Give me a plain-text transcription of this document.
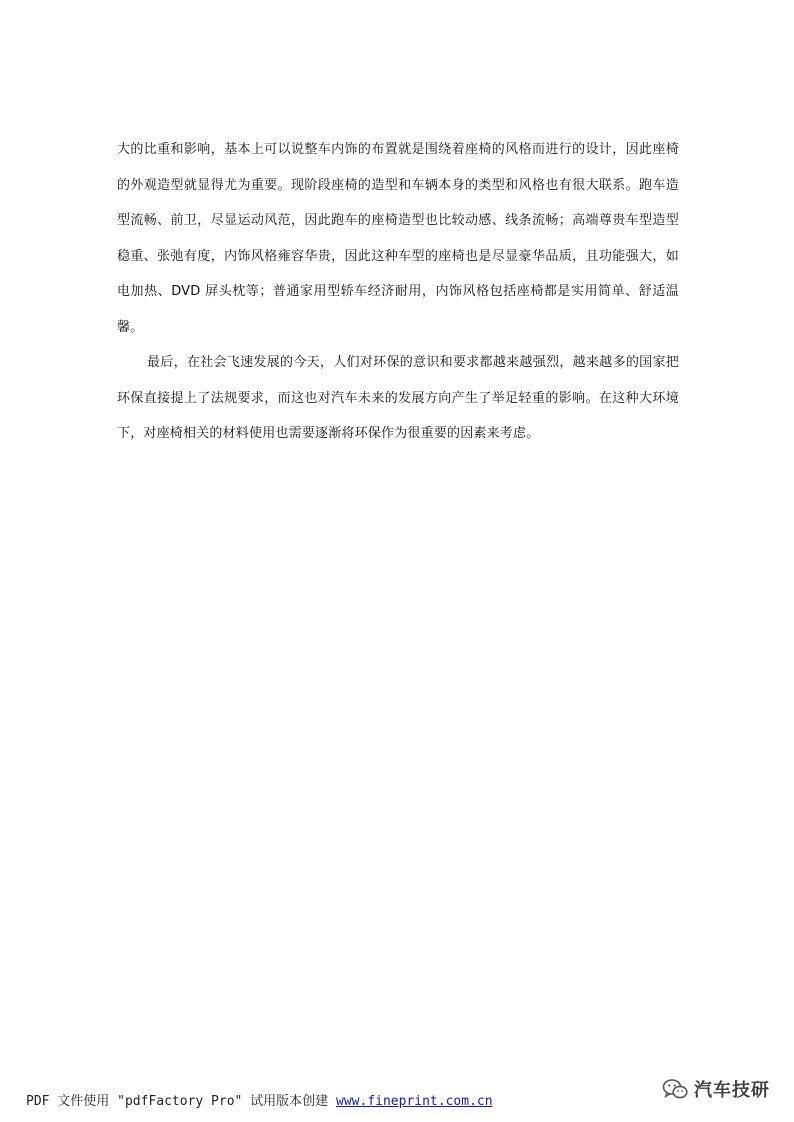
大的比重和影响，基本上可以说整车内饰的布置就是围绕着座椅的风格而进行的设计，因此座椅的外观造型就显得尤为重要。现阶段座椅的造型和车辆本身的类型和风格也有很大联系。跑车造型流畅、前卫，尽显运动风范，因此跑车的座椅造型也比较动感、线条流畅；高端尊贵车型造型稳重、张弛有度，内饰风格雍容华贵，因此这种车型的座椅也是尽显豪华品质，且功能强大，如电加热、DVD 屏头枕等；普通家用型轿车经济耐用，内饰风格包括座椅都是实用简单、舒适温馨。

最后，在社会飞速发展的今天，人们对环保的意识和要求都越来越强烈，越来越多的国家把环保直接提上了法规要求，而这也对汽车未来的发展方向产生了举足轻重的影响。在这种大环境下，对座椅相关的材料使用也需要逐渐将环保作为很重要的因素来考虑。

PDF 文件使用 "pdfFactory Pro" 试用版本创建 www.fineprint.com.cn
汽车技研
